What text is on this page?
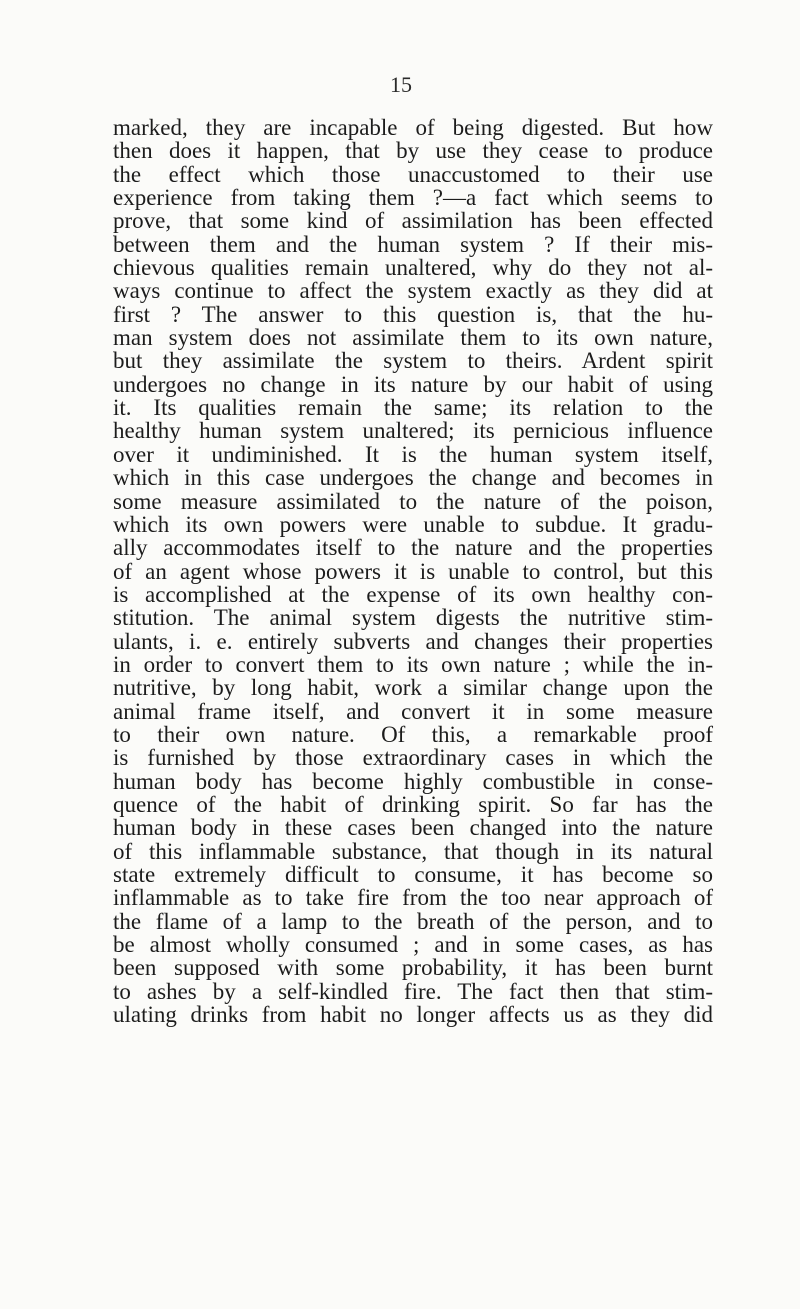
15
marked, they are incapable of being digested. But how
then does it happen, that by use they cease to produce
the effect which those unaccustomed to their use
experience from taking them ?—a fact which seems to
prove, that some kind of assimilation has been effected
between them and the human system ? If their mis-
chievous qualities remain unaltered, why do they not al-
ways continue to affect the system exactly as they did at
first ? The answer to this question is, that the hu-
man system does not assimilate them to its own nature,
but they assimilate the system to theirs. Ardent spirit
undergoes no change in its nature by our habit of using
it. Its qualities remain the same; its relation to the
healthy human system unaltered; its pernicious influence
over it undiminished. It is the human system itself,
which in this case undergoes the change and becomes in
some measure assimilated to the nature of the poison,
which its own powers were unable to subdue. It gradu-
ally accommodates itself to the nature and the properties
of an agent whose powers it is unable to control, but this
is accomplished at the expense of its own healthy con-
stitution. The animal system digests the nutritive stim-
ulants, i. e. entirely subverts and changes their properties
in order to convert them to its own nature ; while the in-
nutritive, by long habit, work a similar change upon the
animal frame itself, and convert it in some measure
to their own nature. Of this, a remarkable proof
is furnished by those extraordinary cases in which the
human body has become highly combustible in conse-
quence of the habit of drinking spirit. So far has the
human body in these cases been changed into the nature
of this inflammable substance, that though in its natural
state extremely difficult to consume, it has become so
inflammable as to take fire from the too near approach of
the flame of a lamp to the breath of the person, and to
be almost wholly consumed ; and in some cases, as has
been supposed with some probability, it has been burnt
to ashes by a self-kindled fire. The fact then that stim-
ulating drinks from habit no longer affects us as they did
